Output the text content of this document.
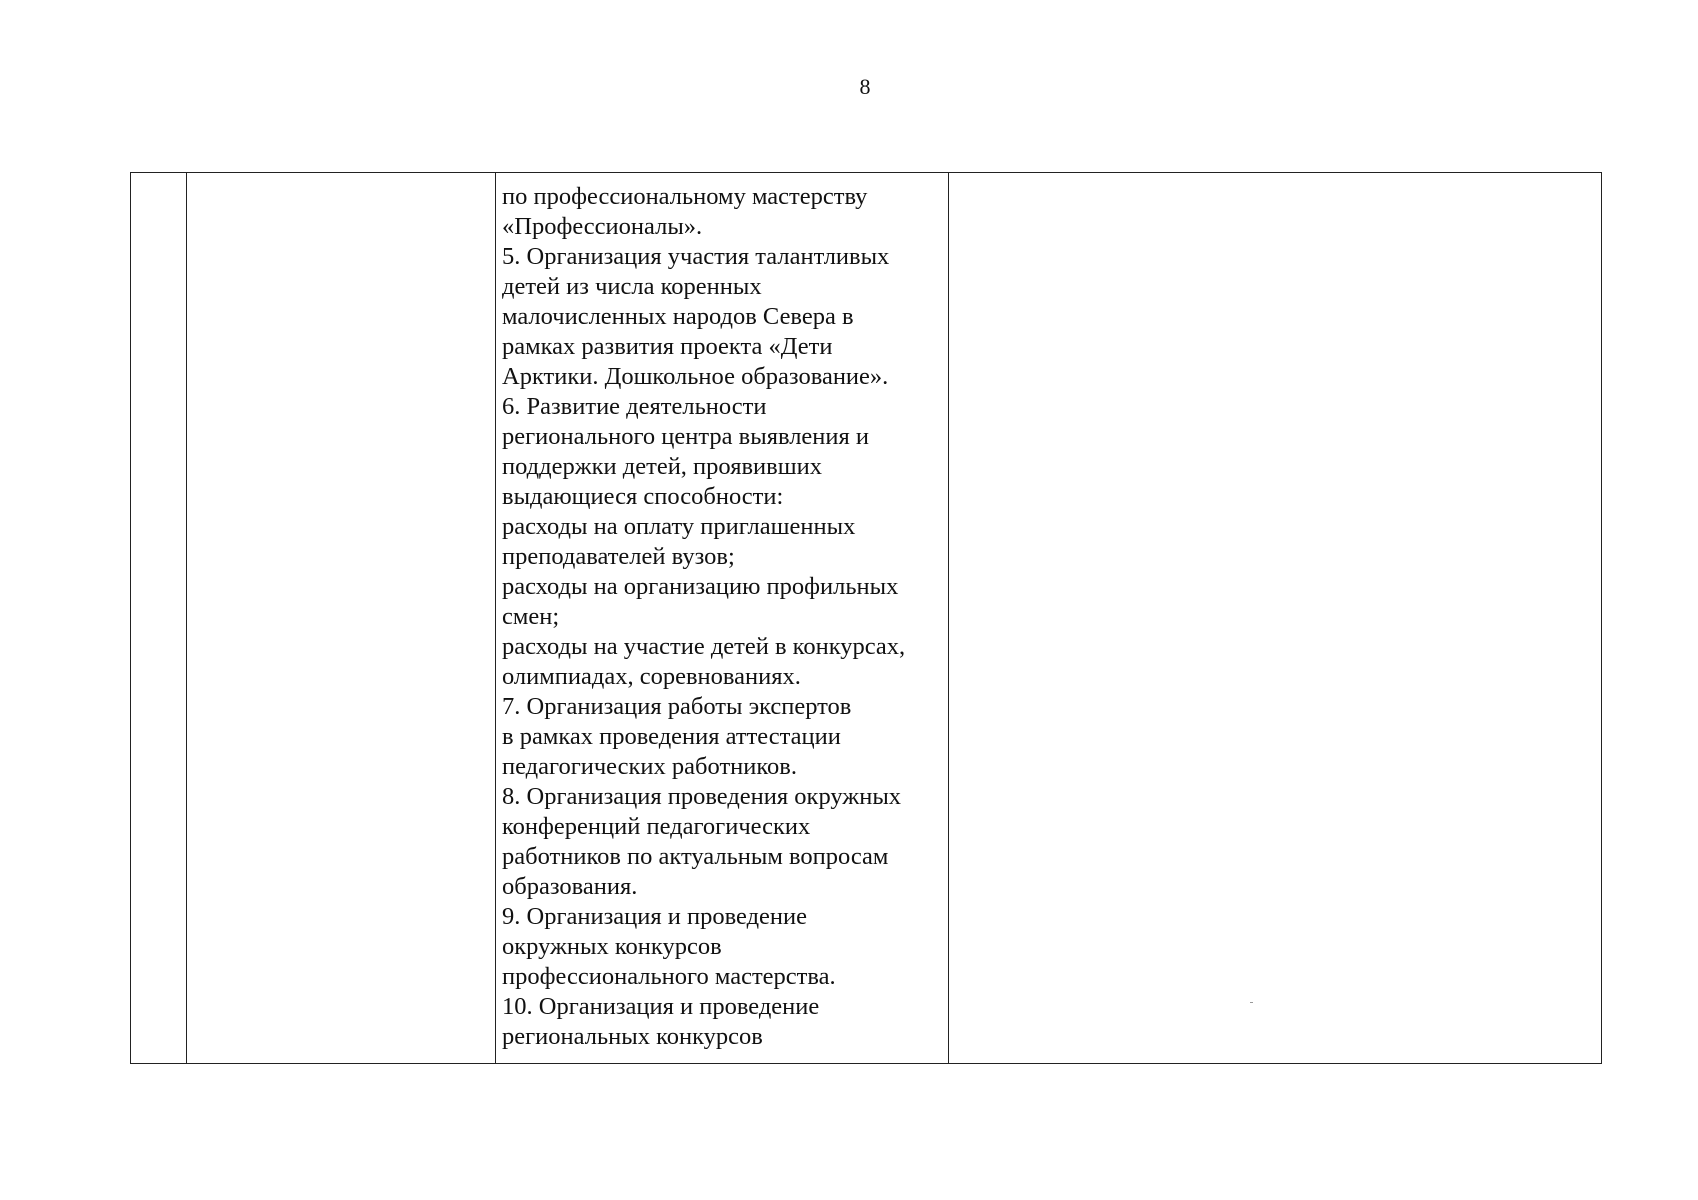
8

по профессиональному мастерству
«Профессионалы».
5. Организация участия талантливых
детей из числа коренных
малочисленных народов Севера в
рамках развития проекта «Дети
Арктики. Дошкольное образование».
6. Развитие деятельности
регионального центра выявления и
поддержки детей, проявивших
выдающиеся способности:
расходы на оплату приглашенных
преподавателей вузов;
расходы на организацию профильных
смен;
расходы на участие детей в конкурсах,
олимпиадах, соревнованиях.
7. Организация работы экспертов
в рамках проведения аттестации
педагогических работников.
8. Организация проведения окружных
конференций педагогических
работников по актуальным вопросам
образования.
9. Организация и проведение
окружных конкурсов
профессионального мастерства.
10. Организация и проведение
региональных конкурсов
